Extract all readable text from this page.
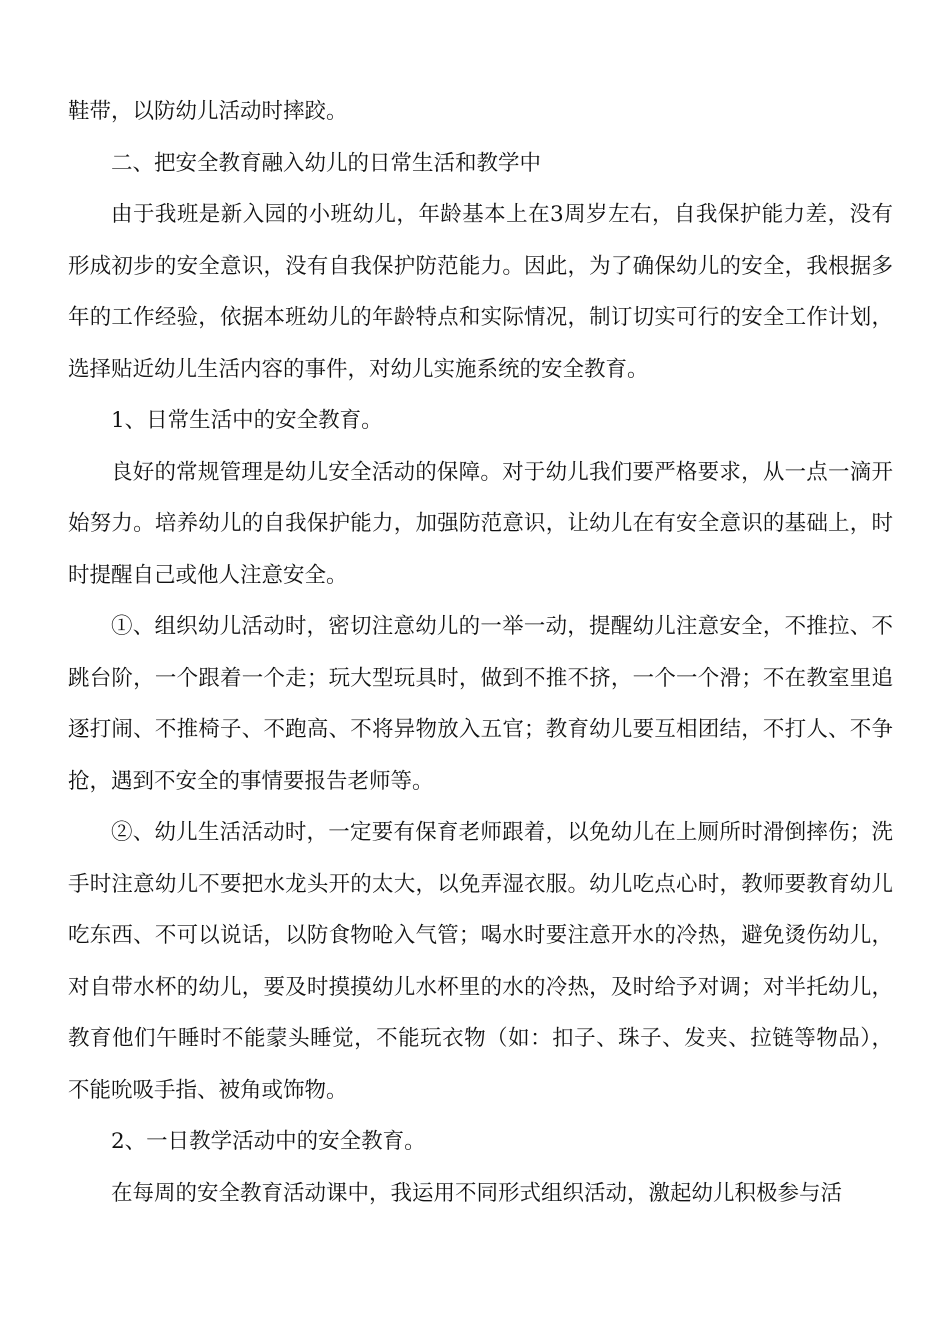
鞋带，以防幼儿活动时摔跤。

二、把安全教育融入幼儿的日常生活和教学中

由于我班是新入园的小班幼儿，年龄基本上在3周岁左右，自我保护能力差，没有形成初步的安全意识，没有自我保护防范能力。因此，为了确保幼儿的安全，我根据多年的工作经验，依据本班幼儿的年龄特点和实际情况，制订切实可行的安全工作计划，选择贴近幼儿生活内容的事件，对幼儿实施系统的安全教育。

1、日常生活中的安全教育。

良好的常规管理是幼儿安全活动的保障。对于幼儿我们要严格要求，从一点一滴开始努力。培养幼儿的自我保护能力，加强防范意识，让幼儿在有安全意识的基础上，时时提醒自己或他人注意安全。

①、组织幼儿活动时，密切注意幼儿的一举一动，提醒幼儿注意安全，不推拉、不跳台阶，一个跟着一个走；玩大型玩具时，做到不推不挤，一个一个滑；不在教室里追逐打闹、不推椅子、不跑高、不将异物放入五官；教育幼儿要互相团结，不打人、不争抢，遇到不安全的事情要报告老师等。

②、幼儿生活活动时，一定要有保育老师跟着，以免幼儿在上厕所时滑倒摔伤；洗手时注意幼儿不要把水龙头开的太大，以免弄湿衣服。幼儿吃点心时，教师要教育幼儿吃东西、不可以说话，以防食物呛入气管；喝水时要注意开水的冷热，避免烫伤幼儿，对自带水杯的幼儿，要及时摸摸幼儿水杯里的水的冷热，及时给予对调；对半托幼儿，教育他们午睡时不能蒙头睡觉，不能玩衣物（如：扣子、珠子、发夹、拉链等物品），不能吮吸手指、被角或饰物。

2、一日教学活动中的安全教育。

在每周的安全教育活动课中，我运用不同形式组织活动，激起幼儿积极参与活
